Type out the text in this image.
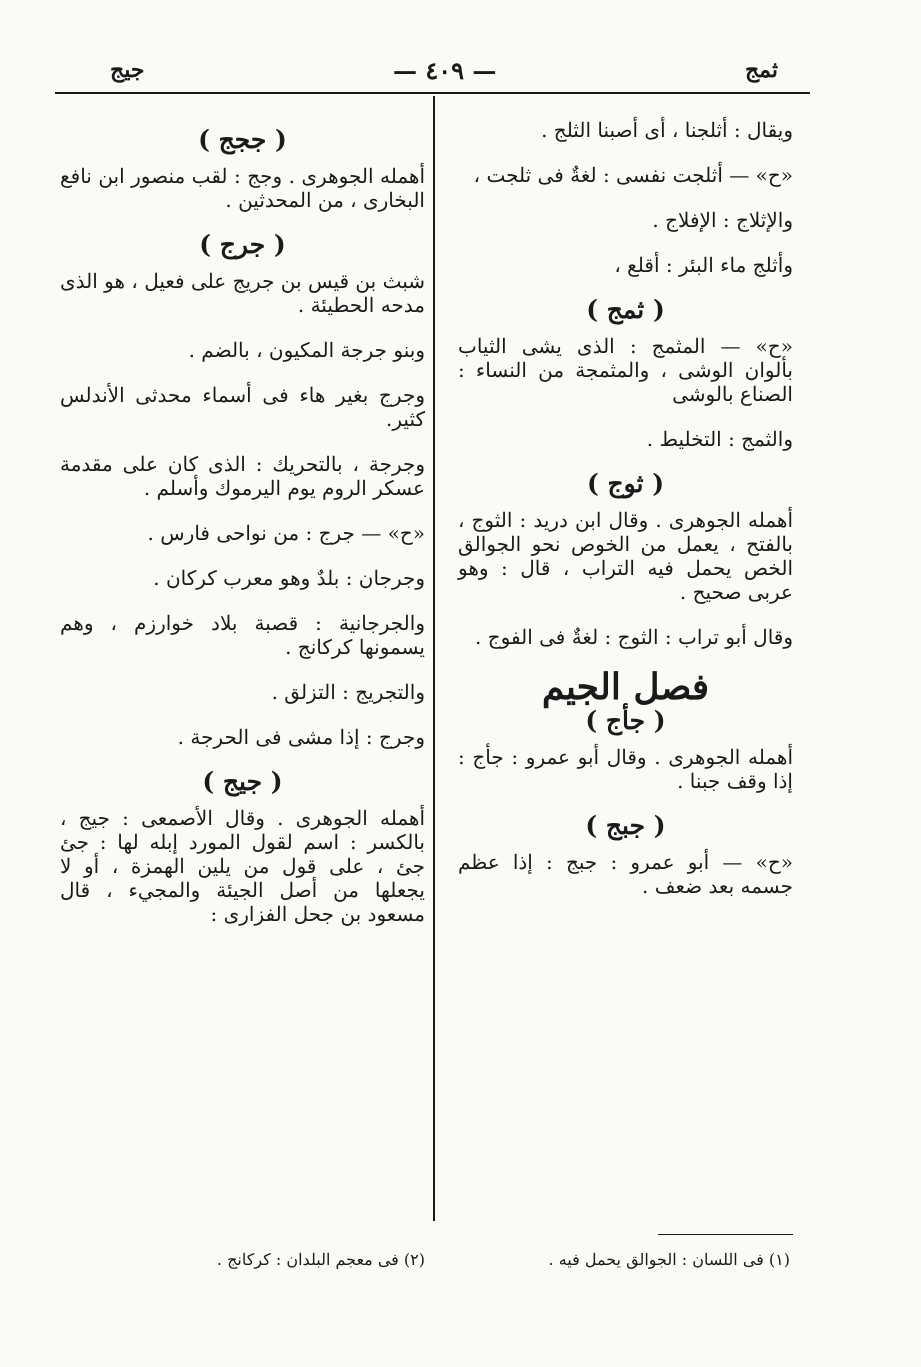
ثمج
— ٤٠٩ —
جيج
ويقال : أثلجنا ، أى أصبنا الثلج .
«ح» — أثلجت نفسى : لغةٌ فى ثلجت ،
والإثلاج : الإفلاج .
وأثلج ماء البئر : أقلع ،
( ثمج )
«ح» — المثمج : الذى يشى الثياب بألوان الوشى ، والمثمجة من النساء : الصناع بالوشى
والثمج : التخليط .
( ثوج )
أهمله الجوهرى . وقال ابن دريد : الثوج ، بالفتح ، يعمل من الخوص نحو الجوالق الخص يحمل فيه التراب ، قال : وهو عربى صحيح .
وقال أبو تراب : الثوج : لغةٌ فى الفوج .
فصل الجيم
( جأج )
أهمله الجوهرى . وقال أبو عمرو : جأج : إذا وقف جبنا .
( جبج )
«ح» — أبو عمرو : جبج : إذا عظم جسمه بعد ضعف .
( ججج )
أهمله الجوهرى . وجج : لقب منصور ابن نافع البخارى ، من المحدثين .
( جرج )
شبث بن قيس بن جريج على فعيل ، هو الذى مدحه الحطيئة .
وبنو جرجة المكيون ، بالضم .
وجرج بغير هاء فى أسماء محدثى الأندلس كثير.
وجرجة ، بالتحريك : الذى كان على مقدمة عسكر الروم يوم اليرموك وأسلم .
«ح» — جرج : من نواحى فارس .
وجرجان : بلدٌ وهو معرب كركان .
والجرجانية : قصبة بلاد خوارزم ، وهم يسمونها كركانج .
والتجريج : التزلق .
وجرج : إذا مشى فى الحرجة .
( جيج )
أهمله الجوهرى . وقال الأصمعى : جيج ، بالكسر : اسم لقول المورد إبله لها : جئ جئ ، على قول من يلين الهمزة ، أو لا يجعلها من أصل الجيئة والمجيء ، قال مسعود بن جحل الفزارى :
(١) فى اللسان : الجوالق يحمل فيه .
(٢) فى معجم البلدان : كركانج .
